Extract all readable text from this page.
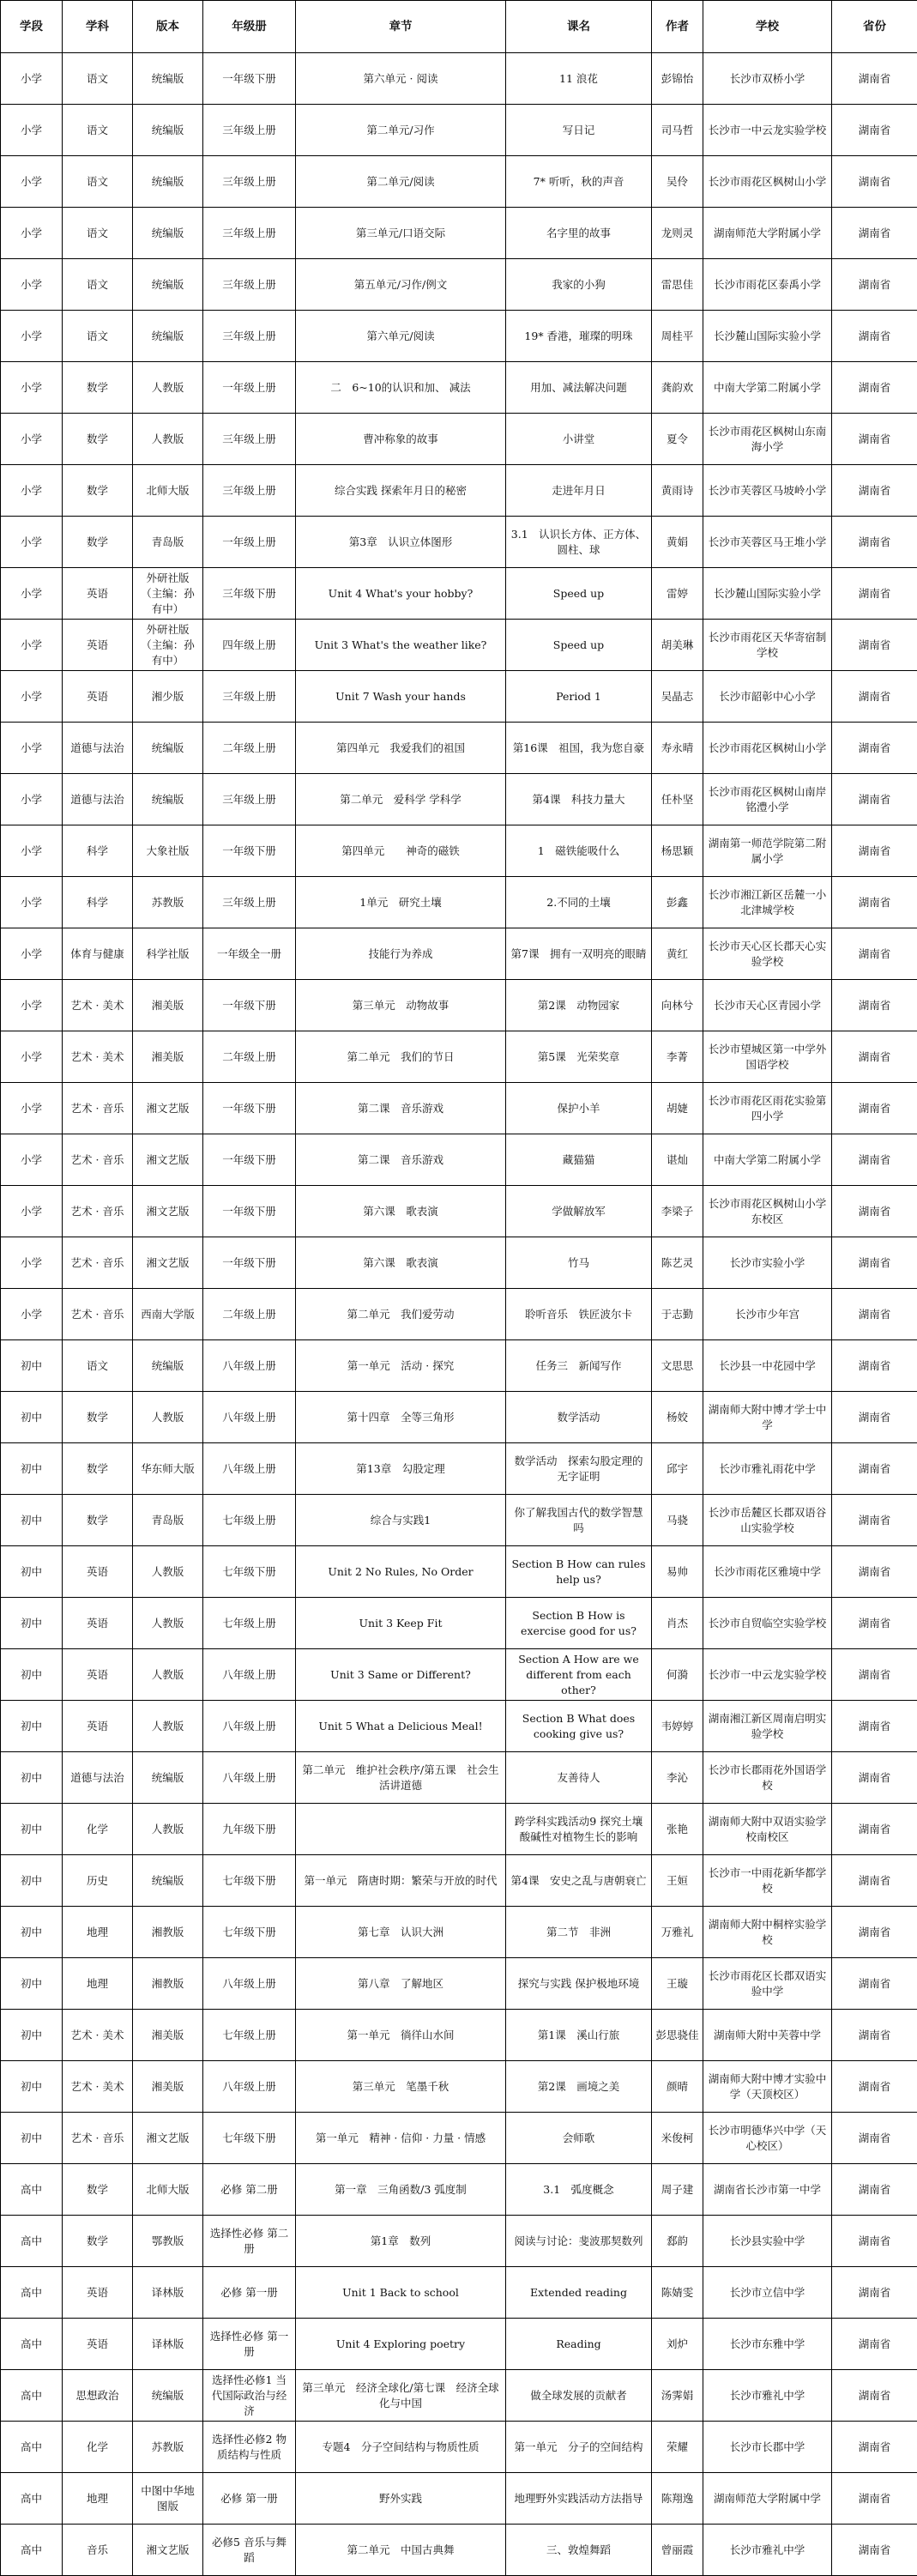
学段	学科	版本	年级册	章节	课名	作者	学校	省份
小学	语文	统编版	一年级下册	第六单元 · 阅读	11 浪花	彭锦怡	长沙市双桥小学	湖南省
小学	语文	统编版	三年级上册	第二单元/习作	写日记	司马哲	长沙市一中云龙实验学校	湖南省
小学	语文	统编版	三年级上册	第二单元/阅读	7* 听听，秋的声音	吴伶	长沙市雨花区枫树山小学	湖南省
小学	语文	统编版	三年级上册	第三单元/口语交际	名字里的故事	龙则灵	湖南师范大学附属小学	湖南省
小学	语文	统编版	三年级上册	第五单元/习作/例文	我家的小狗	雷思佳	长沙市雨花区泰禹小学	湖南省
小学	语文	统编版	三年级上册	第六单元/阅读	19* 香港，璀璨的明珠	周桂平	长沙麓山国际实验小学	湖南省
小学	数学	人教版	一年级上册	二　6~10的认识和加、 减法	用加、减法解决问题	龚韵欢	中南大学第二附属小学	湖南省
小学	数学	人教版	三年级上册	曹冲称象的故事	小讲堂	夏令	长沙市雨花区枫树山东南海小学	湖南省
小学	数学	北师大版	三年级上册	综合实践 探索年月日的秘密	走进年月日	黄雨诗	长沙市芙蓉区马坡岭小学	湖南省
小学	数学	青岛版	一年级上册	第3章　认识立体图形	3.1　认识长方体、正方体、圆柱、球	黄娟	长沙市芙蓉区马王堆小学	湖南省
小学	英语	外研社版（主编：孙有中）	三年级下册	Unit 4 What's your hobby?	Speed up	雷婷	长沙麓山国际实验小学	湖南省
小学	英语	外研社版（主编：孙有中）	四年级上册	Unit 3 What's the weather like?	Speed up	胡美琳	长沙市雨花区天华寄宿制学校	湖南省
小学	英语	湘少版	三年级上册	Unit 7 Wash your hands	Period 1	吴晶志	长沙市韶彰中心小学	湖南省
小学	道德与法治	统编版	二年级上册	第四单元　我爱我们的祖国	第16课　祖国，我为您自豪	寿永晴	长沙市雨花区枫树山小学	湖南省
小学	道德与法治	统编版	三年级上册	第二单元　爱科学 学科学	第4课　科技力量大	任朴坚	长沙市雨花区枫树山南岸铭澧小学	湖南省
小学	科学	大象社版	一年级下册	第四单元　　神奇的磁铁	1　磁铁能吸什么	杨思颖	湖南第一师范学院第二附属小学	湖南省
小学	科学	苏教版	三年级上册	1单元　研究土壤	2.不同的土壤	彭鑫	长沙市湘江新区岳麓一小北津城学校	湖南省
小学	体育与健康	科学社版	一年级全一册	技能行为养成	第7课　拥有一双明亮的眼睛	黄红	长沙市天心区长郡天心实验学校	湖南省
小学	艺术 · 美术	湘美版	一年级下册	第三单元　动物故事	第2课　动物园家	向林兮	长沙市天心区青园小学	湖南省
小学	艺术 · 美术	湘美版	二年级上册	第二单元　我们的节日	第5课　光荣奖章	李菁	长沙市望城区第一中学外国语学校	湖南省
小学	艺术 · 音乐	湘文艺版	一年级下册	第二课　音乐游戏	保护小羊	胡婕	长沙市雨花区雨花实验第四小学	湖南省
小学	艺术 · 音乐	湘文艺版	一年级下册	第二课　音乐游戏	藏猫猫	谌灿	中南大学第二附属小学	湖南省
小学	艺术 · 音乐	湘文艺版	一年级下册	第六课　歌表演	学做解放军	李梁子	长沙市雨花区枫树山小学东校区	湖南省
小学	艺术 · 音乐	湘文艺版	一年级下册	第六课　歌表演	竹马	陈艺灵	长沙市实验小学	湖南省
小学	艺术 · 音乐	西南大学版	二年级上册	第二单元　我们爱劳动	聆听音乐　铁匠波尔卡	于志勤	长沙市少年宫	湖南省
初中	语文	统编版	八年级上册	第一单元　活动 · 探究	任务三　新闻写作	文思思	长沙县一中花园中学	湖南省
初中	数学	人教版	八年级上册	第十四章　全等三角形	数学活动	杨姣	湖南师大附中博才学士中学	湖南省
初中	数学	华东师大版	八年级上册	第13章　勾股定理	数学活动　探索勾股定理的无字证明	邱宇	长沙市雅礼雨花中学	湖南省
初中	数学	青岛版	七年级上册	综合与实践1	你了解我国古代的数学智慧吗	马骁	长沙市岳麓区长郡双语谷山实验学校	湖南省
初中	英语	人教版	七年级下册	Unit 2 No Rules, No Order	Section B How can rules help us?	易帅	长沙市雨花区雅境中学	湖南省
初中	英语	人教版	七年级上册	Unit 3 Keep Fit	Section B How is exercise good for us?	肖杰	长沙市自贸临空实验学校	湖南省
初中	英语	人教版	八年级上册	Unit 3 Same or Different?	Section A How are we different from each other?	何漪	长沙市一中云龙实验学校	湖南省
初中	英语	人教版	八年级上册	Unit 5 What a Delicious Meal!	Section B What does cooking give us?	韦婷婷	湖南湘江新区周南启明实验学校	湖南省
初中	道德与法治	统编版	八年级上册	第二单元　维护社会秩序/第五课　社会生活讲道德	友善待人	李沁	长沙市长郡雨花外国语学校	湖南省
初中	化学	人教版	九年级下册		跨学科实践活动9 探究土壤酸碱性对植物生长的影响	张艳	湖南师大附中双语实验学校南校区	湖南省
初中	历史	统编版	七年级下册	第一单元　隋唐时期：繁荣与开放的时代	第4课　安史之乱与唐朝衰亡	王姮	长沙市一中雨花新华都学校	湖南省
初中	地理	湘教版	七年级下册	第七章　认识大洲	第二节　非洲	万雅礼	湖南师大附中桐梓实验学校	湖南省
初中	地理	湘教版	八年级上册	第八章　了解地区	探究与实践 保护极地环境	王璇	长沙市雨花区长郡双语实验中学	湖南省
初中	艺术 · 美术	湘美版	七年级上册	第一单元　徜徉山水间	第1课　溪山行旅	彭思骁佳	湖南师大附中芙蓉中学	湖南省
初中	艺术 · 美术	湘美版	八年级上册	第三单元　笔墨千秋	第2课　画境之美	颜晴	湖南师大附中博才实验中学（天顶校区）	湖南省
初中	艺术 · 音乐	湘文艺版	七年级下册	第一单元　精神 · 信仰 · 力量 · 情感	会师歌	米俊柯	长沙市明德华兴中学（天心校区）	湖南省
高中	数学	北师大版	必修 第二册	第一章　三角函数/3 弧度制	3.1　弧度概念	周子建	湖南省长沙市第一中学	湖南省
高中	数学	鄂教版	选择性必修 第二册	第1章　数列	阅读与讨论：斐波那契数列	郄韵	长沙县实验中学	湖南省
高中	英语	译林版	必修 第一册	Unit 1 Back to school	Extended reading	陈婧雯	长沙市立信中学	湖南省
高中	英语	译林版	选择性必修 第一册	Unit 4 Exploring poetry	Reading	刘炉	长沙市东雅中学	湖南省
高中	思想政治	统编版	选择性必修1 当代国际政治与经济	第三单元　经济全球化/第七课　经济全球化与中国	做全球发展的贡献者	汤霁娟	长沙市雅礼中学	湖南省
高中	化学	苏教版	选择性必修2 物质结构与性质	专题4　分子空间结构与物质性质	第一单元　分子的空间结构	荣耀	长沙市长郡中学	湖南省
高中	地理	中图中华地图版	必修 第一册	野外实践	地理野外实践活动方法指导	陈翔逸	湖南师范大学附属中学	湖南省
高中	音乐	湘文艺版	必修5 音乐与舞蹈	第二单元　中国古典舞	三、敦煌舞蹈	曾丽霞	长沙市雅礼中学	湖南省
